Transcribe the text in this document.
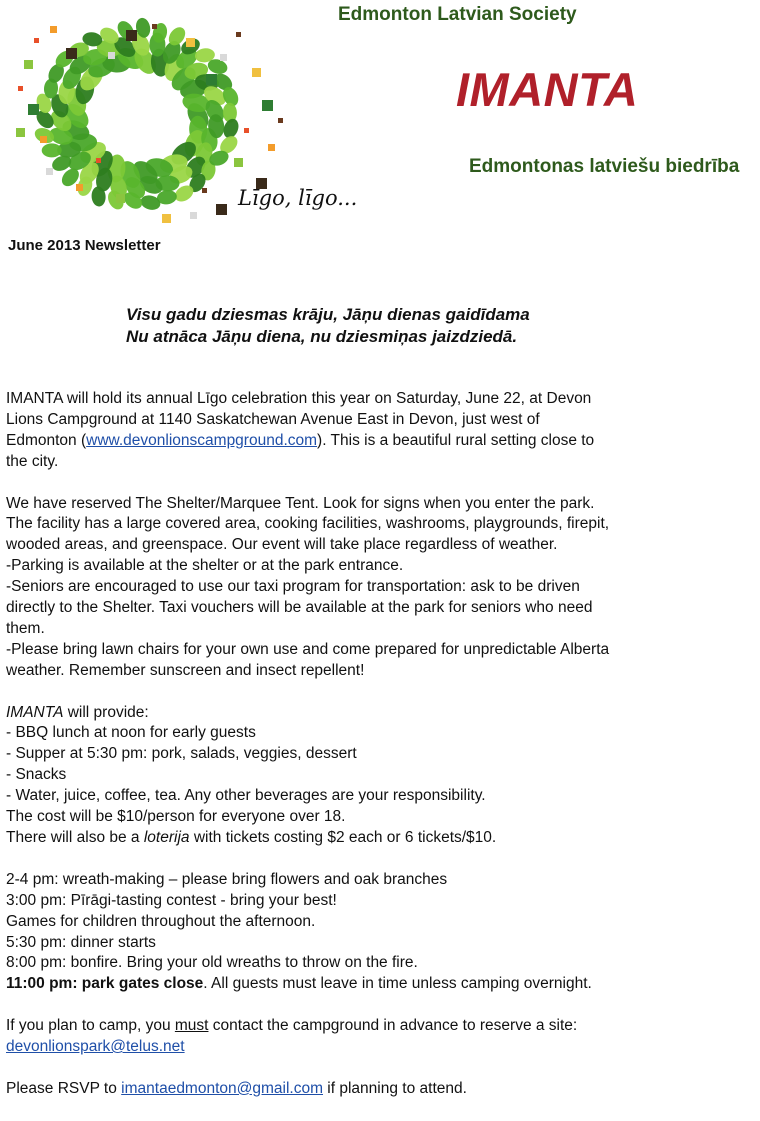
Līgo, līgo...
Edmonton Latvian Society
IMANTA
Edmontonas latviešu biedrība
June 2013 Newsletter
Visu gadu dziesmas krāju, Jāņu dienas gaidīdama
Nu atnāca Jāņu diena, nu dziesmiņas jaizdziedā.

IMANTA will hold its annual Līgo celebration this year on Saturday, June 22, at Devon
Lions Campground at 1140 Saskatchewan Avenue East in Devon, just west of
Edmonton (www.devonlionscampground.com). This is a beautiful rural setting close to
the city.

We have reserved The Shelter/Marquee Tent. Look for signs when you enter the park.
The facility has a large covered area, cooking facilities, washrooms, playgrounds, firepit,
wooded areas, and greenspace. Our event will take place regardless of weather.
-Parking is available at the shelter or at the park entrance.
-Seniors are encouraged to use our taxi program for transportation: ask to be driven
directly to the Shelter. Taxi vouchers will be available at the park for seniors who need
them.
-Please bring lawn chairs for your own use and come prepared for unpredictable Alberta
weather. Remember sunscreen and insect repellent!

IMANTA will provide:
- BBQ lunch at noon for early guests
- Supper at 5:30 pm: pork, salads, veggies, dessert
- Snacks
- Water, juice, coffee, tea. Any other beverages are your responsibility.
The cost will be $10/person for everyone over 18.
There will also be a loterija with tickets costing $2 each or 6 tickets/$10.

2-4 pm: wreath-making – please bring flowers and oak branches
3:00 pm: Pīrāgi-tasting contest - bring your best!
Games for children throughout the afternoon.
5:30 pm: dinner starts
8:00 pm: bonfire. Bring your old wreaths to throw on the fire.
11:00 pm: park gates close. All guests must leave in time unless camping overnight.

If you plan to camp, you must contact the campground in advance to reserve a site:
devonlionspark@telus.net

Please RSVP to imantaedmonton@gmail.com if planning to attend.
